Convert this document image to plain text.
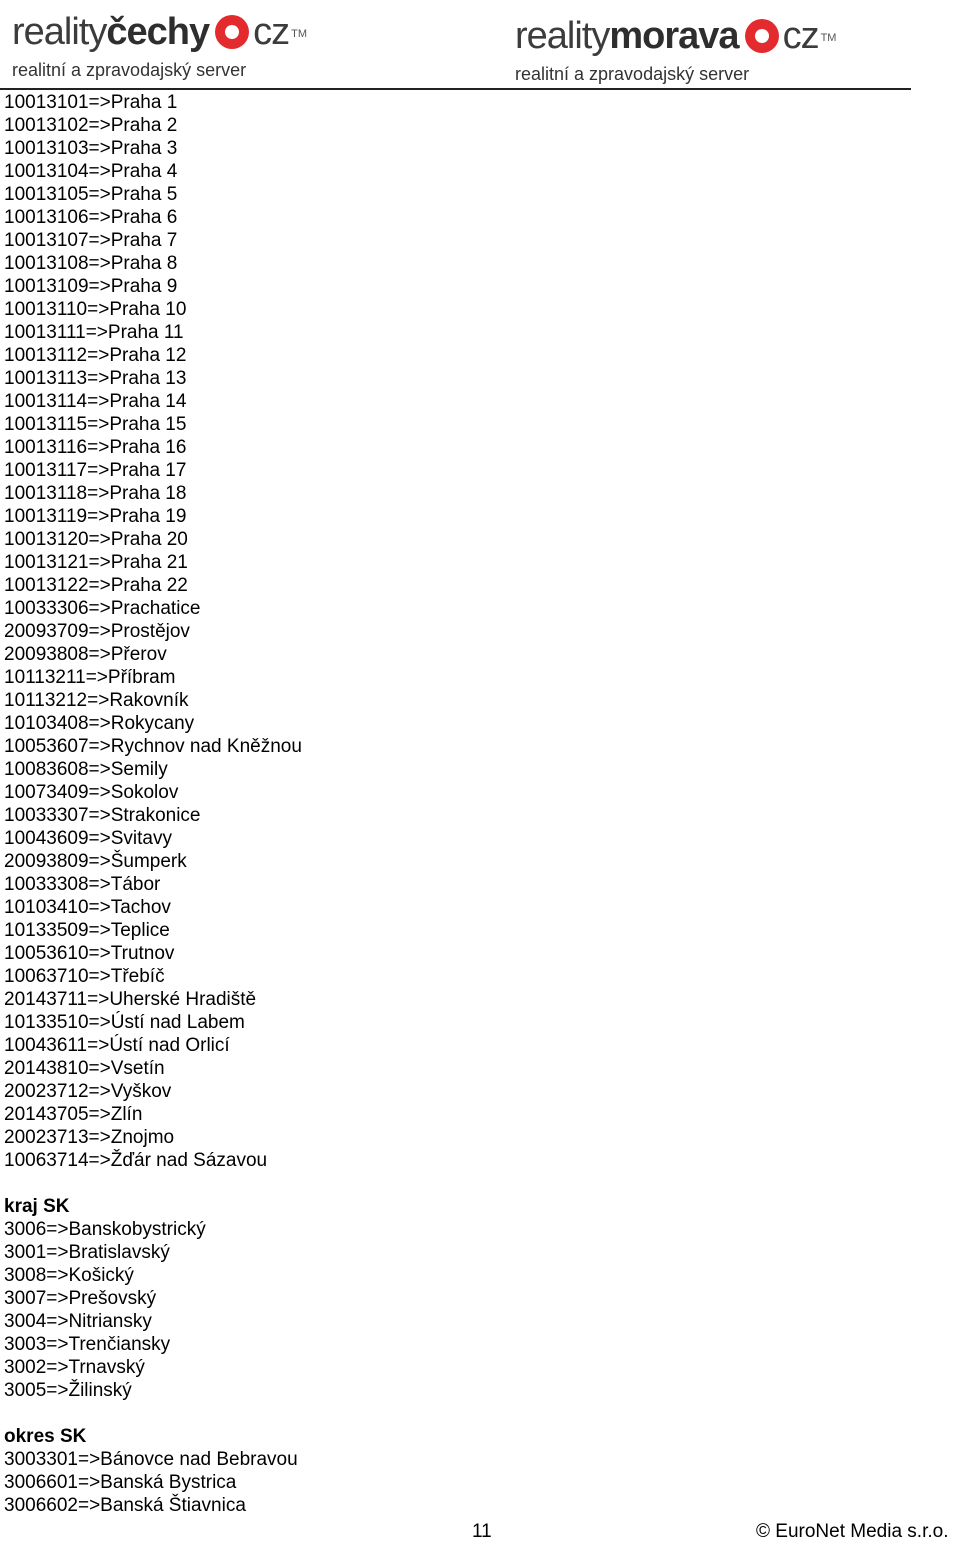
reality čechy cz TM
realitní a zpravodajský server
reality morava cz TM
realitní a zpravodajský server
10013101=>Praha 1
10013102=>Praha 2
10013103=>Praha 3
10013104=>Praha 4
10013105=>Praha 5
10013106=>Praha 6
10013107=>Praha 7
10013108=>Praha 8
10013109=>Praha 9
10013110=>Praha 10
10013111=>Praha 11
10013112=>Praha 12
10013113=>Praha 13
10013114=>Praha 14
10013115=>Praha 15
10013116=>Praha 16
10013117=>Praha 17
10013118=>Praha 18
10013119=>Praha 19
10013120=>Praha 20
10013121=>Praha 21
10013122=>Praha 22
10033306=>Prachatice
20093709=>Prostějov
20093808=>Přerov
10113211=>Příbram
10113212=>Rakovník
10103408=>Rokycany
10053607=>Rychnov nad Kněžnou
10083608=>Semily
10073409=>Sokolov
10033307=>Strakonice
10043609=>Svitavy
20093809=>Šumperk
10033308=>Tábor
10103410=>Tachov
10133509=>Teplice
10053610=>Trutnov
10063710=>Třebíč
20143711=>Uherské Hradiště
10133510=>Ústí nad Labem
10043611=>Ústí nad Orlicí
20143810=>Vsetín
20023712=>Vyškov
20143705=>Zlín
20023713=>Znojmo
10063714=>Žďár nad Sázavou
kraj SK
3006=>Banskobystrický
3001=>Bratislavský
3008=>Košický
3007=>Prešovský
3004=>Nitriansky
3003=>Trenčiansky
3002=>Trnavský
3005=>Žilinský
okres SK
3003301=>Bánovce nad Bebravou
3006601=>Banská Bystrica
3006602=>Banská Štiavnica
11	© EuroNet Media s.r.o.
